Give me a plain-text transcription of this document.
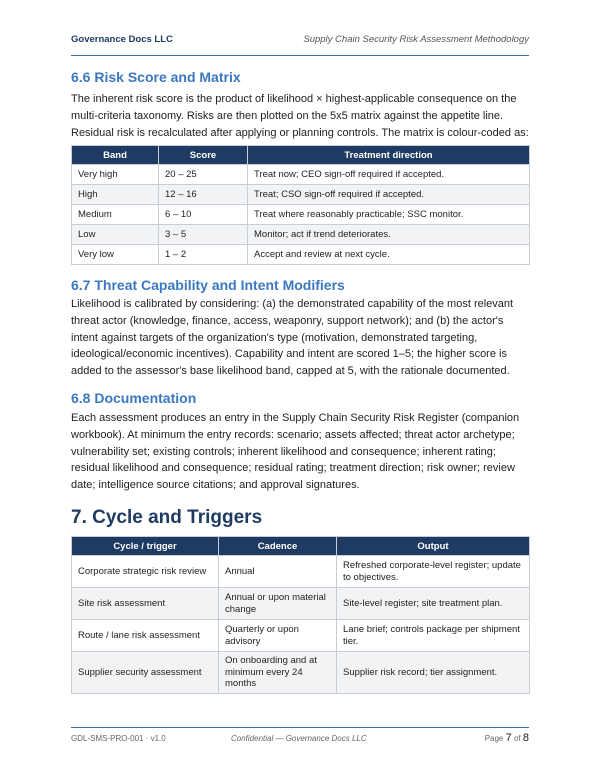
Governance Docs LLC	Supply Chain Security Risk Assessment Methodology
6.6 Risk Score and Matrix

The inherent risk score is the product of likelihood × highest-applicable consequence on the multi-criteria taxonomy. Risks are then plotted on the 5x5 matrix against the appetite line. Residual risk is recalculated after applying or planning controls. The matrix is colour-coded as:

Band	Score	Treatment direction
Very high	20 – 25	Treat now; CEO sign-off required if accepted.
High	12 – 16	Treat; CSO sign-off required if accepted.
Medium	6 – 10	Treat where reasonably practicable; SSC monitor.
Low	3 – 5	Monitor; act if trend deteriorates.
Very low	1 – 2	Accept and review at next cycle.
6.7 Threat Capability and Intent Modifiers

Likelihood is calibrated by considering: (a) the demonstrated capability of the most relevant threat actor (knowledge, finance, access, weaponry, support network); and (b) the actor's intent against targets of the organization's type (motivation, demonstrated targeting, ideological/economic incentives). Capability and intent are scored 1–5; the higher score is added to the assessor's base likelihood band, capped at 5, with the rationale documented.

6.8 Documentation

Each assessment produces an entry in the Supply Chain Security Risk Register (companion workbook). At minimum the entry records: scenario; assets affected; threat actor archetype; vulnerability set; existing controls; inherent likelihood and consequence; inherent rating; residual likelihood and consequence; residual rating; treatment direction; risk owner; review date; intelligence source citations; and approval signatures.

7. Cycle and Triggers
Cycle / trigger	Cadence	Output
Corporate strategic risk review	Annual	Refreshed corporate-level register; update to objectives.
Site risk assessment	Annual or upon material change	Site-level register; site treatment plan.
Route / lane risk assessment	Quarterly or upon advisory	Lane brief; controls package per shipment tier.
Supplier security assessment	On onboarding and at minimum every 24 months	Supplier risk record; tier assignment.
GDL-SMS-PRO-001 · v1.0	Confidential — Governance Docs LLC	Page 7 of 8
